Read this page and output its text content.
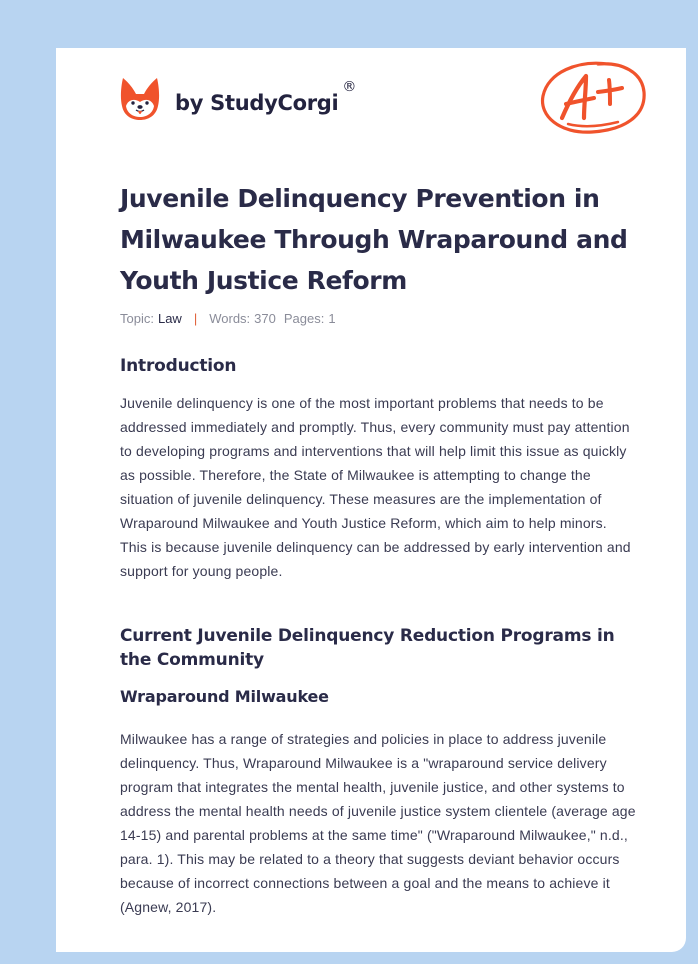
by StudyCorgi
®
Juvenile Delinquency Prevention in Milwaukee Through Wraparound and Youth Justice Reform
Topic: Law | Words: 370 Pages: 1
Introduction

Juvenile delinquency is one of the most important problems that needs to be addressed immediately and promptly. Thus, every community must pay attention to developing programs and interventions that will help limit this issue as quickly as possible. Therefore, the State of Milwaukee is attempting to change the situation of juvenile delinquency. These measures are the implementation of Wraparound Milwaukee and Youth Justice Reform, which aim to help minors. This is because juvenile delinquency can be addressed by early intervention and support for young people.

Current Juvenile Delinquency Reduction Programs in the Community
Wraparound Milwaukee

Milwaukee has a range of strategies and policies in place to address juvenile delinquency. Thus, Wraparound Milwaukee is a "wraparound service delivery program that integrates the mental health, juvenile justice, and other systems to address the mental health needs of juvenile justice system clientele (average age 14-15) and parental problems at the same time" ("Wraparound Milwaukee," n.d., para. 1). This may be related to a theory that suggests deviant behavior occurs because of incorrect connections between a goal and the means to achieve it (Agnew, 2017).
